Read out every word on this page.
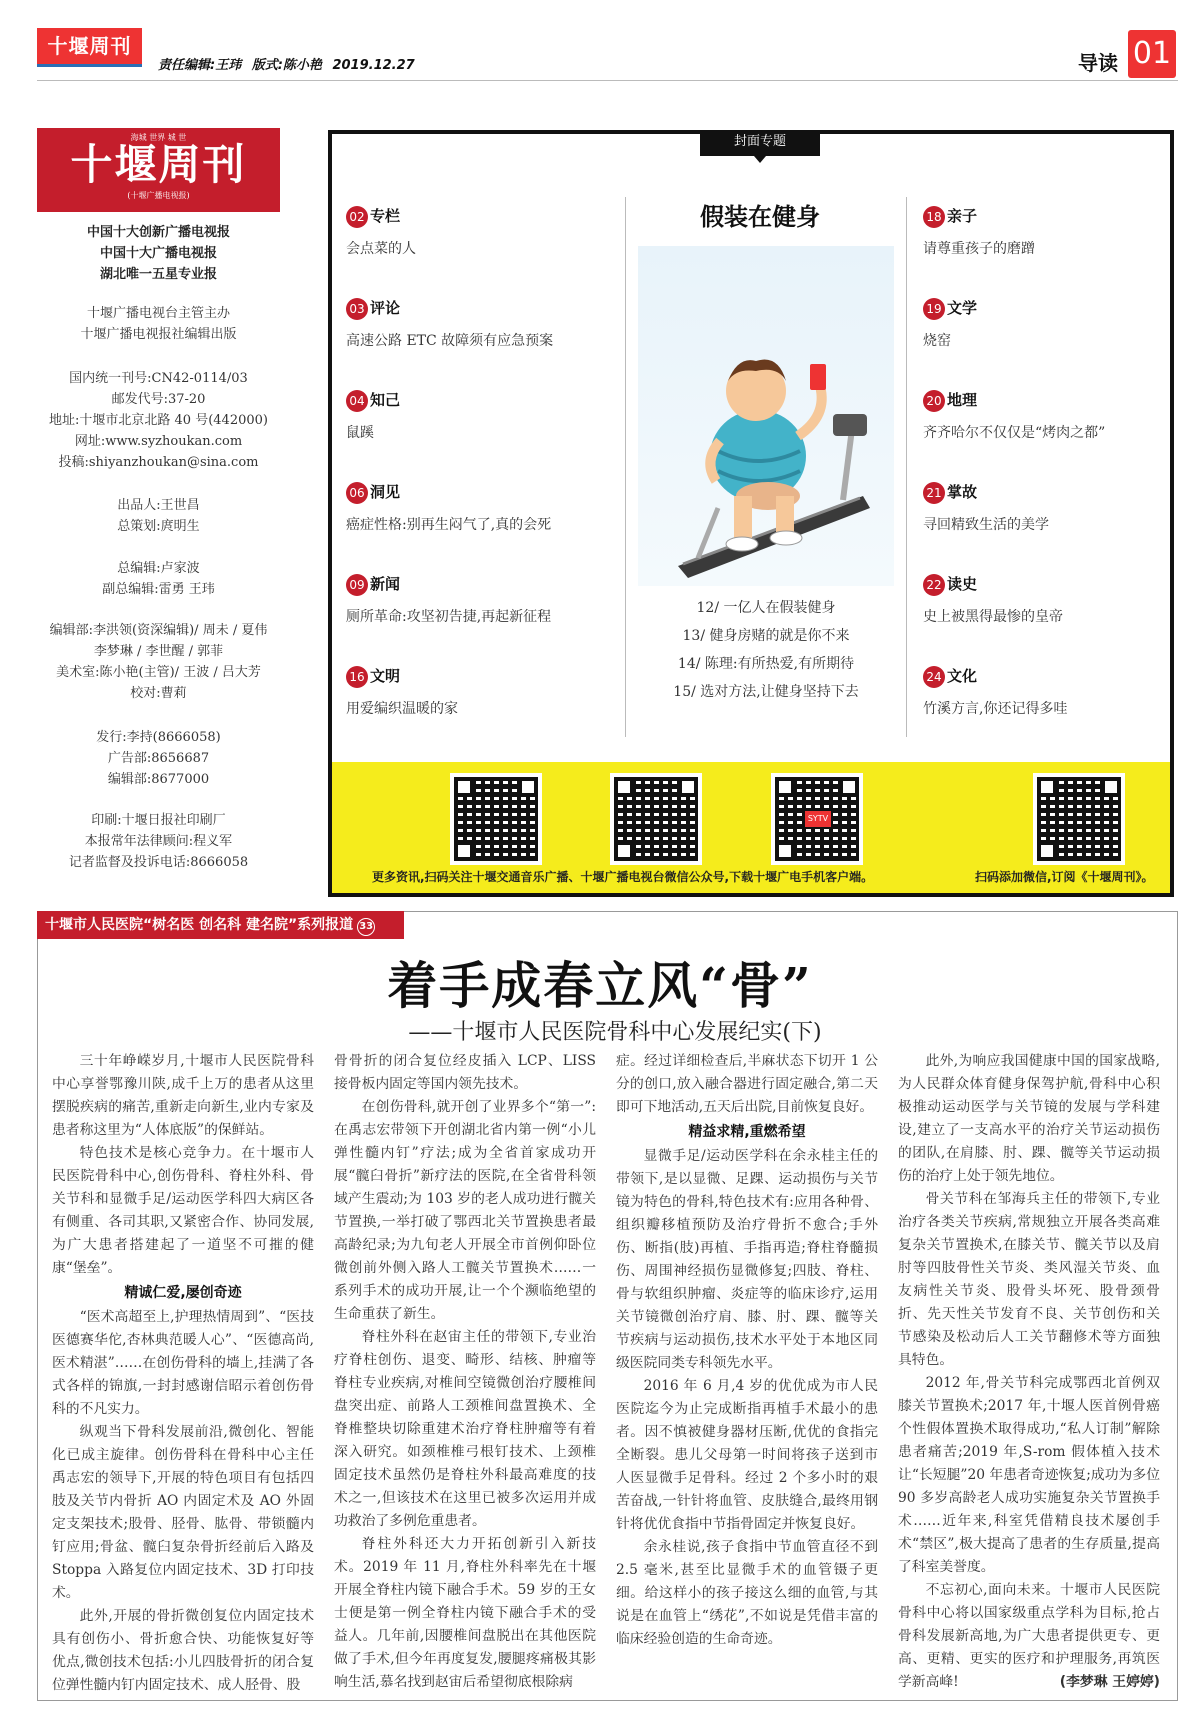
十堰周刊
责任编辑:王玮 版式:陈小艳 2019.12.27	导读 01
海城 世界 城 世
十堰周刊
(十堰广播电视报)
中国十大创新广播电视报
中国十大广播电视报
湖北唯一五星专业报
十堰广播电视台主管主办
十堰广播电视报社编辑出版
国内统一刊号:CN42-0114/03
邮发代号:37-20
地址:十堰市北京北路 40 号(442000)
网址:www.syzhoukan.com
投稿:shiyanzhoukan@sina.com
出品人:王世昌
总策划:庹明生
总编辑:卢家波
副总编辑:雷勇 王玮
编辑部:李洪领(资深编辑)/ 周未 / 夏伟
李梦琳 / 李世醒 / 郭菲
美术室:陈小艳(主管)/ 王波 / 吕大芳
校对:曹莉
发行:李持(8666058)
广告部:8656687
编辑部:8677000
印刷:十堰日报社印刷厂
本报常年法律顾问:程义军
记者监督及投诉电话:8666058
封面专题
02 专栏
会点菜的人
03 评论
高速公路 ETC 故障须有应急预案
04 知己
鼠蹊
06 洞见
癌症性格:别再生闷气了,真的会死
09 新闻
厕所革命:攻坚初告捷,再起新征程
16 文明
用爱编织温暖的家
假装在健身
12/ 一亿人在假装健身
13/ 健身房赌的就是你不来
14/ 陈理:有所热爱,有所期待
15/ 选对方法,让健身坚持下去
18 亲子
请尊重孩子的磨蹭
19 文学
烧窑
20 地理
齐齐哈尔不仅仅是“烤肉之都”
21 掌故
寻回精致生活的美学
22 读史
史上被黑得最惨的皇帝
24 文化
竹溪方言,你还记得多哇
SYTV
更多资讯,扫码关注十堰交通音乐广播、十堰广播电视台微信公众号,下载十堰广电手机客户端。	扫码添加微信,订阅《十堰周刊》。
十堰市人民医院“树名医 创名科 建名院”系列报道 33
着手成春立风“骨”
——十堰市人民医院骨科中心发展纪实(下)

三十年峥嵘岁月,十堰市人民医院骨科中心享誉鄂豫川陕,成千上万的患者从这里摆脱疾病的痛苦,重新走向新生,业内专家及患者称这里为“人体底版”的保鲜站。

特色技术是核心竞争力。在十堰市人民医院骨科中心,创伤骨科、脊柱外科、骨关节科和显微手足/运动医学科四大病区各有侧重、各司其职,又紧密合作、协同发展,为广大患者搭建起了一道坚不可摧的健康“堡垒”。

精诚仁爱,屡创奇迹

“医术高超至上,护理热情周到”、“医技医德赛华佗,杏林典范暖人心”、“医德高尚,医术精湛”……在创伤骨科的墙上,挂满了各式各样的锦旗,一封封感谢信昭示着创伤骨科的不凡实力。

纵观当下骨科发展前沿,微创化、智能化已成主旋律。创伤骨科在骨科中心主任禹志宏的领导下,开展的特色项目有包括四肢及关节内骨折 AO 内固定术及 AO 外固定支架技术;股骨、胫骨、肱骨、带锁髓内钉应用;骨盆、髋臼复杂骨折经前后入路及 Stoppa 入路复位内固定技术、3D 打印技术。

此外,开展的骨折微创复位内固定技术具有创伤小、骨折愈合快、功能恢复好等优点,微创技术包括:小儿四肢骨折的闭合复位弹性髓内钉内固定技术、成人胫骨、股

骨骨折的闭合复位经皮插入 LCP、LISS 接骨板内固定等国内领先技术。

在创伤骨科,就开创了业界多个“第一”:在禹志宏带领下开创湖北省内第一例“小儿弹性髓内钉”疗法;成为全省首家成功开展“髋臼骨折”新疗法的医院,在全省骨科领域产生震动;为 103 岁的老人成功进行髋关节置换,一举打破了鄂西北关节置换患者最高龄纪录;为九旬老人开展全市首例仰卧位微创前外侧入路人工髋关节置换术……一系列手术的成功开展,让一个个濒临绝望的生命重获了新生。

脊柱外科在赵宙主任的带领下,专业治疗脊柱创伤、退变、畸形、结核、肿瘤等脊柱专业疾病,对椎间空镜微创治疗腰椎间盘突出症、前路人工颈椎间盘置换术、全脊椎整块切除重建术治疗脊柱肿瘤等有着深入研究。如颈椎椎弓根钉技术、上颈椎固定技术虽然仍是脊柱外科最高难度的技术之一,但该技术在这里已被多次运用并成功救治了多例危重患者。

脊柱外科还大力开拓创新引入新技术。2019 年 11 月,脊柱外科率先在十堰开展全脊柱内镜下融合手术。59 岁的王女士便是第一例全脊柱内镜下融合手术的受益人。几年前,因腰椎间盘脱出在其他医院做了手术,但今年再度复发,腰腿疼痛极其影响生活,慕名找到赵宙后希望彻底根除病

症。经过详细检查后,半麻状态下切开 1 公分的创口,放入融合器进行固定融合,第二天即可下地活动,五天后出院,目前恢复良好。

精益求精,重燃希望

显微手足/运动医学科在余永桂主任的带领下,是以显微、足踝、运动损伤与关节镜为特色的骨科,特色技术有:应用各种骨、组织瓣移植预防及治疗骨折不愈合;手外伤、断指(肢)再植、手指再造;脊柱脊髓损伤、周围神经损伤显微修复;四肢、脊柱、骨与软组织肿瘤、炎症等的临床诊疗,运用关节镜微创治疗肩、膝、肘、踝、髋等关节疾病与运动损伤,技术水平处于本地区同级医院同类专科领先水平。

2016 年 6 月,4 岁的优优成为市人民医院迄今为止完成断指再植手术最小的患者。因不慎被健身器材压断,优优的食指完全断裂。患儿父母第一时间将孩子送到市人医显微手足骨科。经过 2 个多小时的艰苦奋战,一针针将血管、皮肤缝合,最终用钢针将优优食指中节指骨固定并恢复良好。

余永桂说,孩子食指中节血管直径不到 2.5 毫米,甚至比显微手术的血管镊子更细。给这样小的孩子接这么细的血管,与其说是在血管上“绣花”,不如说是凭借丰富的临床经验创造的生命奇迹。

此外,为响应我国健康中国的国家战略,为人民群众体育健身保驾护航,骨科中心积极推动运动医学与关节镜的发展与学科建设,建立了一支高水平的治疗关节运动损伤的团队,在肩膝、肘、踝、髋等关节运动损伤的治疗上处于领先地位。

骨关节科在邹海兵主任的带领下,专业治疗各类关节疾病,常规独立开展各类高难复杂关节置换术,在膝关节、髋关节以及肩肘等四肢骨性关节炎、类风湿关节炎、血友病性关节炎、股骨头坏死、股骨颈骨折、先天性关节发育不良、关节创伤和关节感染及松动后人工关节翻修术等方面独具特色。

2012 年,骨关节科完成鄂西北首例双膝关节置换术;2017 年,十堰人医首例骨癌个性假体置换术取得成功,“私人订制”解除患者痛苦;2019 年,S-rom 假体植入技术让“长短腿”20 年患者奇迹恢复;成功为多位 90 多岁高龄老人成功实施复杂关节置换手术……近年来,科室凭借精良技术屡创手术“禁区”,极大提高了患者的生存质量,提高了科室美誉度。

不忘初心,面向未来。十堰市人民医院骨科中心将以国家级重点学科为目标,抢占骨科发展新高地,为广大患者提供更专、更高、更精、更实的医疗和护理服务,再筑医学新高峰!	(李梦琳 王婷婷)
